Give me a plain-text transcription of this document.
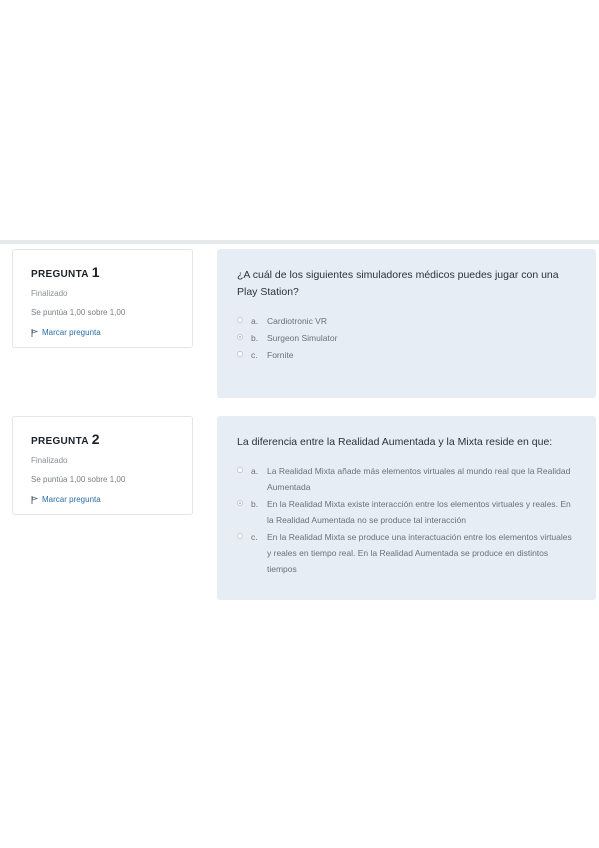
PREGUNTA 1
Finalizado
Se puntúa 1,00 sobre 1,00
Marcar pregunta
¿A cuál de los siguientes simuladores médicos puedes jugar con una Play Station?
a.	Cardiotronic VR
b.	Surgeon Simulator
c.	Fornite
PREGUNTA 2
Finalizado
Se puntúa 1,00 sobre 1,00
Marcar pregunta
La diferencia entre la Realidad Aumentada y la Mixta reside en que:
a.	La Realidad Mixta añade más elementos virtuales al mundo real que la Realidad Aumentada
b.	En la Realidad Mixta existe interacción entre los elementos virtuales y reales. En la Realidad Aumentada no se produce tal interacción
c.	En la Realidad Mixta se produce una interactuación entre los elementos virtuales y reales en tiempo real. En la Realidad Aumentada se produce en distintos tiempos
